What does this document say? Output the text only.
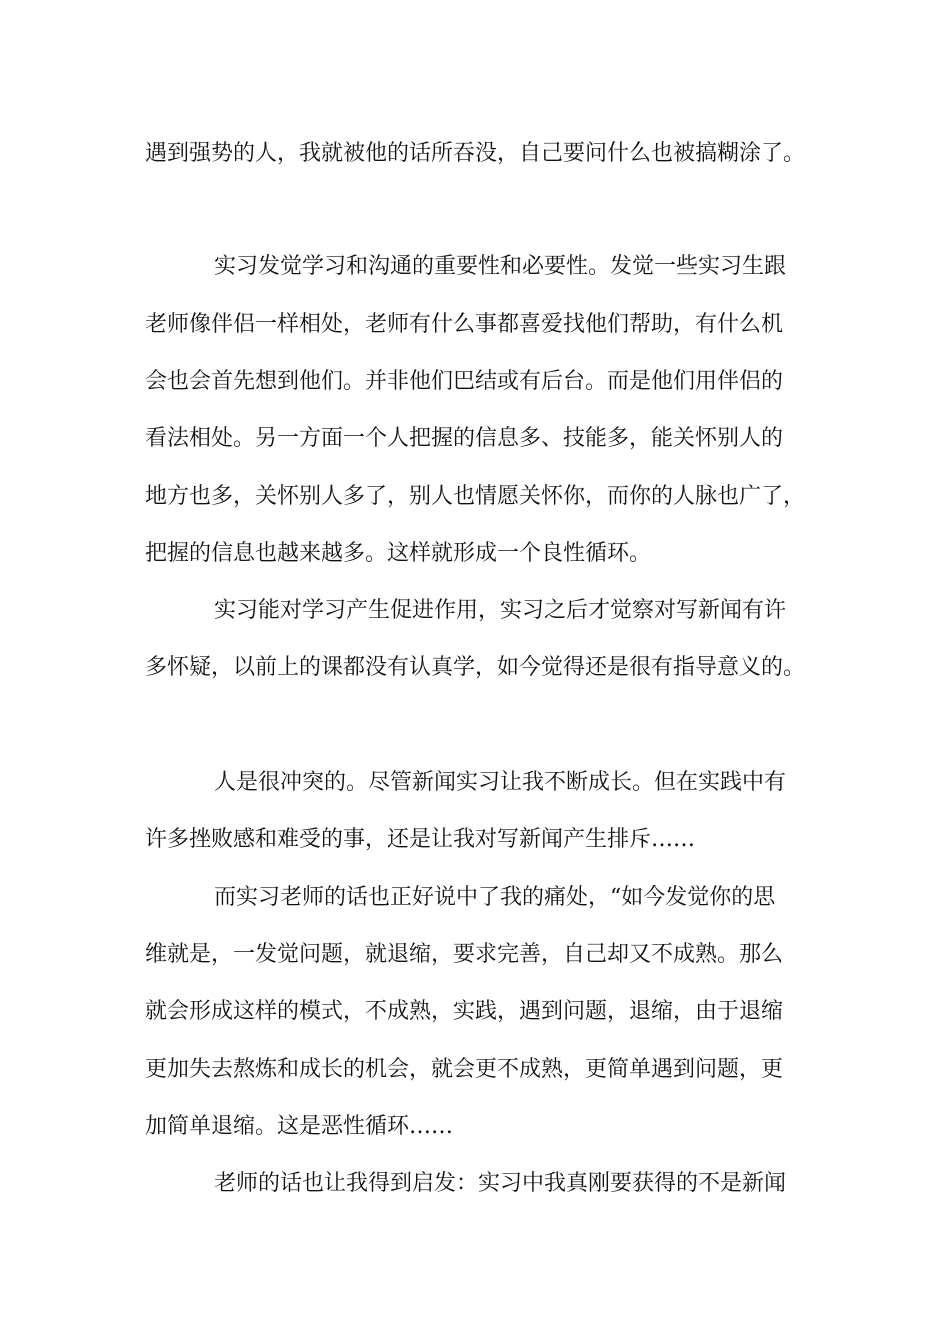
遇到强势的人，我就被他的话所吞没，自己要问什么也被搞糊涂了。
实习发觉学习和沟通的重要性和必要性。发觉一些实习生跟
老师像伴侣一样相处，老师有什么事都喜爱找他们帮助，有什么机
会也会首先想到他们。并非他们巴结或有后台。而是他们用伴侣的
看法相处。另一方面一个人把握的信息多、技能多，能关怀别人的
地方也多，关怀别人多了，别人也情愿关怀你，而你的人脉也广了，
把握的信息也越来越多。这样就形成一个良性循环。
实习能对学习产生促进作用，实习之后才觉察对写新闻有许
多怀疑，以前上的课都没有认真学，如今觉得还是很有指导意义的。
人是很冲突的。尽管新闻实习让我不断成长。但在实践中有
许多挫败感和难受的事，还是让我对写新闻产生排斥……
而实习老师的话也正好说中了我的痛处，“如今发觉你的思
维就是，一发觉问题，就退缩，要求完善，自己却又不成熟。那么
就会形成这样的模式，不成熟，实践，遇到问题，退缩，由于退缩
更加失去熬炼和成长的机会，就会更不成熟，更简单遇到问题，更
加简单退缩。这是恶性循环……
老师的话也让我得到启发：实习中我真刚要获得的不是新闻
